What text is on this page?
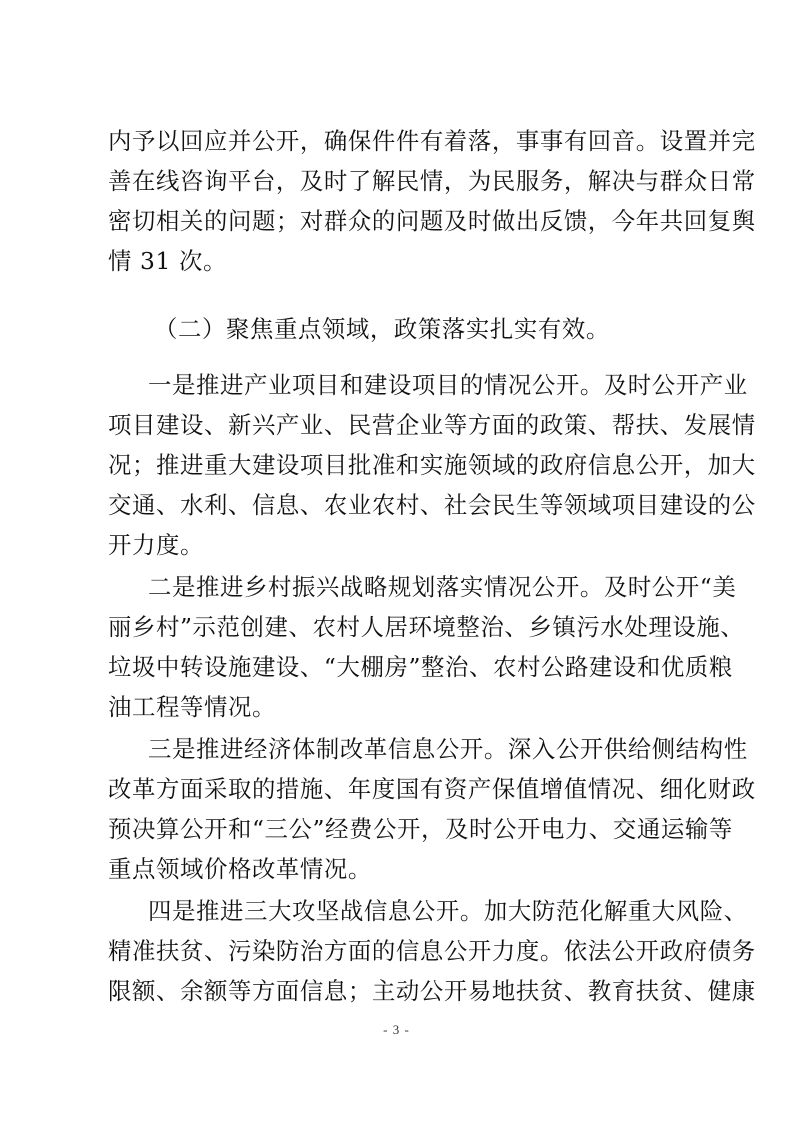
内予以回应并公开，确保件件有着落，事事有回音。设置并完
善在线咨询平台，及时了解民情，为民服务，解决与群众日常
密切相关的问题；对群众的问题及时做出反馈，今年共回复舆
情 31 次。
（二）聚焦重点领域，政策落实扎实有效。
一是推进产业项目和建设项目的情况公开。及时公开产业
项目建设、新兴产业、民营企业等方面的政策、帮扶、发展情
况；推进重大建设项目批准和实施领域的政府信息公开，加大
交通、水利、信息、农业农村、社会民生等领域项目建设的公
开力度。
二是推进乡村振兴战略规划落实情况公开。及时公开“美
丽乡村”示范创建、农村人居环境整治、乡镇污水处理设施、
垃圾中转设施建设、“大棚房”整治、农村公路建设和优质粮
油工程等情况。
三是推进经济体制改革信息公开。深入公开供给侧结构性
改革方面采取的措施、年度国有资产保值增值情况、细化财政
预决算公开和“三公”经费公开，及时公开电力、交通运输等
重点领域价格改革情况。
四是推进三大攻坚战信息公开。加大防范化解重大风险、
精准扶贫、污染防治方面的信息公开力度。依法公开政府债务
限额、余额等方面信息；主动公开易地扶贫、教育扶贫、健康
- 3 -
